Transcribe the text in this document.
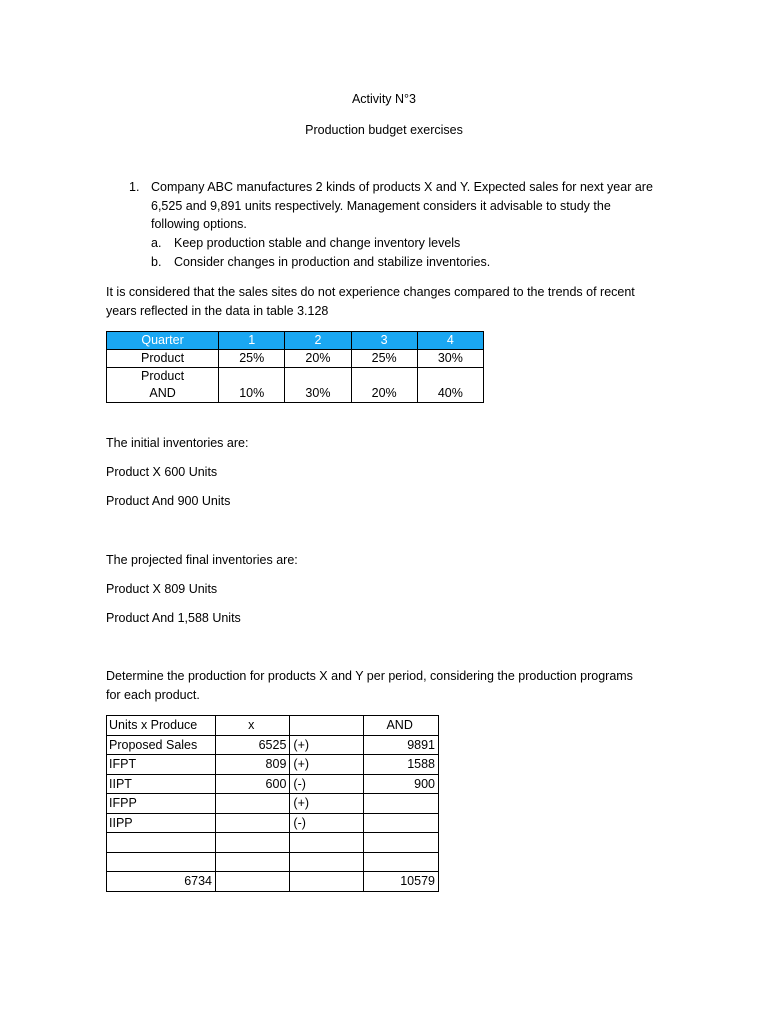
Activity N°3
Production budget exercises
1. Company ABC manufactures 2 kinds of products X and Y. Expected sales for next year are
6,525 and 9,891 units respectively. Management considers it advisable to study the
following options.
a. Keep production stable and change inventory levels
b. Consider changes in production and stabilize inventories.
It is considered that the sales sites do not experience changes compared to the trends of recent
years reflected in the data in table 3.128
Quarter	1	2	3	4
Product	25%	20%	25%	30%

Product
AND	10%	30%	20%	40%
The initial inventories are:
Product X 600 Units
Product And 900 Units
The projected final inventories are:
Product X 809 Units
Product And 1,588 Units
Determine the production for products X and Y per period, considering the production programs
for each product.
Units x Produce	x		AND
Proposed Sales	6525	(+)	9891
IFPT	809	(+)	1588
IIPT	600	(-)	900
IFPP		(+)	
IIPP		(-)	

6734			10579
